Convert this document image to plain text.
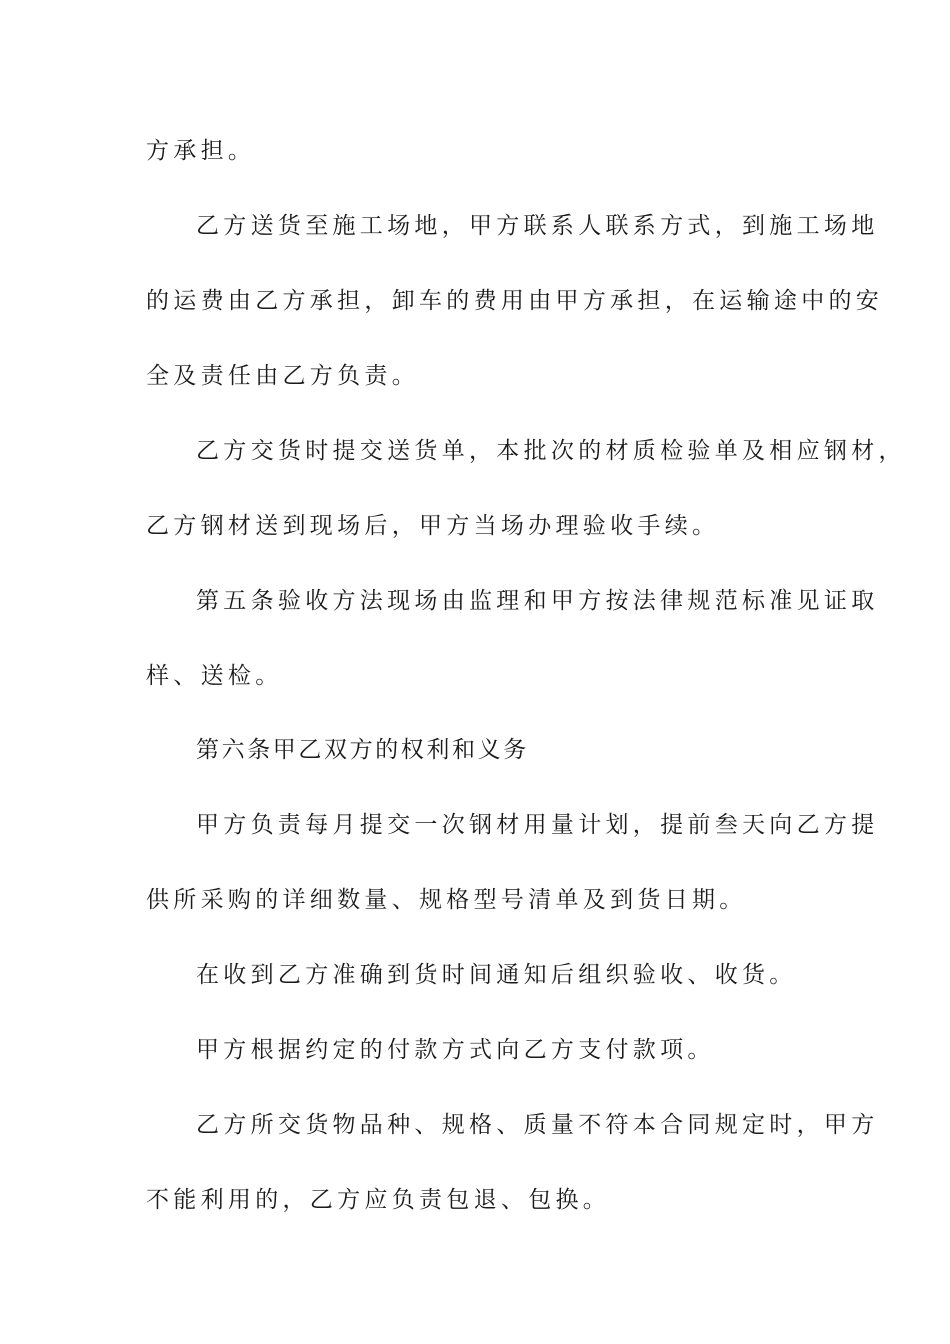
方承担。
乙方送货至施工场地，甲方联系人联系方式，到施工场地
的运费由乙方承担，卸车的费用由甲方承担，在运输途中的安
全及责任由乙方负责。
乙方交货时提交送货单，本批次的材质检验单及相应钢材，
乙方钢材送到现场后，甲方当场办理验收手续。
第五条验收方法现场由监理和甲方按法律规范标准见证取
样、送检。
第六条甲乙双方的权利和义务
甲方负责每月提交一次钢材用量计划，提前叁天向乙方提
供所采购的详细数量、规格型号清单及到货日期。
在收到乙方准确到货时间通知后组织验收、收货。
甲方根据约定的付款方式向乙方支付款项。
乙方所交货物品种、规格、质量不符本合同规定时，甲方
不能利用的，乙方应负责包退、包换。
